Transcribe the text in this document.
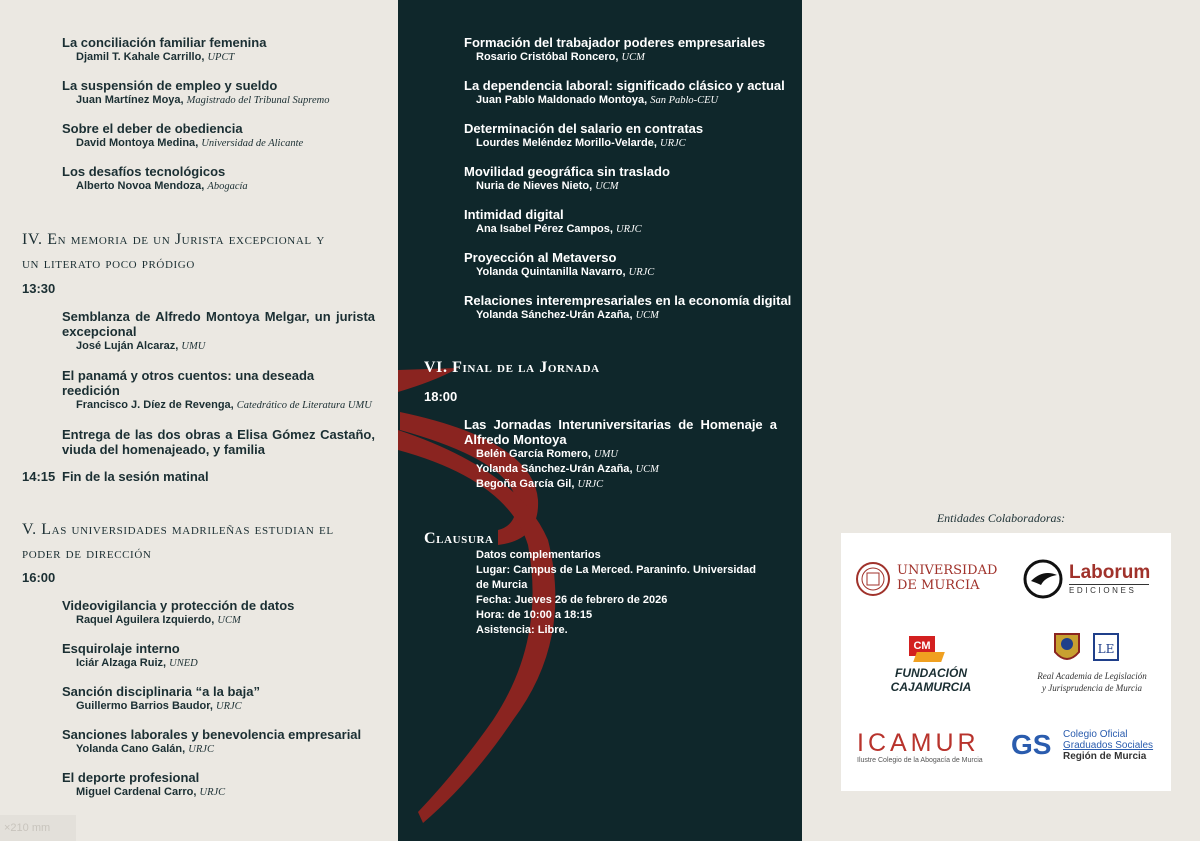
La conciliación familiar femenina
Djamil T. Kahale Carrillo, UPCT
La suspensión de empleo y sueldo
Juan Martínez Moya, Magistrado del Tribunal Supremo
Sobre el deber de obediencia
David Montoya Medina, Universidad de Alicante
Los desafíos tecnológicos
Alberto Novoa Mendoza, Abogacía
IV. En memoria de un Jurista excepcional y
un literato poco pródigo
13:30
Semblanza de Alfredo Montoya Melgar, un jurista excepcional
José Luján Alcaraz, UMU
El panamá y otros cuentos: una deseada reedición
Francisco J. Díez de Revenga, Catedrático de Literatura UMU
Entrega de las dos obras a Elisa Gómez Castaño, viuda del homenajeado, y familia
14:15 Fin de la sesión matinal
V. Las universidades madrileñas estudian el
poder de dirección
16:00
Videovigilancia y protección de datos
Raquel Aguilera Izquierdo, UCM
Esquirolaje interno
Iciár Alzaga Ruiz, UNED
Sanción disciplinaria “a la baja”
Guillermo Barrios Baudor, URJC
Sanciones laborales y benevolencia empresarial
Yolanda Cano Galán, URJC
El deporte profesional
Miguel Cardenal Carro, URJC
×210 mm
Formación del trabajador poderes empresariales
Rosario Cristóbal Roncero, UCM
La dependencia laboral: significado clásico y actual
Juan Pablo Maldonado Montoya, San Pablo-CEU
Determinación del salario en contratas
Lourdes Meléndez Morillo-Velarde, URJC
Movilidad geográfica sin traslado
Nuria de Nieves Nieto, UCM
Intimidad digital
Ana Isabel Pérez Campos, URJC
Proyección al Metaverso
Yolanda Quintanilla Navarro, URJC
Relaciones interempresariales en la economía digital
Yolanda Sánchez-Urán Azaña, UCM
VI. Final de la Jornada
18:00
Las Jornadas Interuniversitarias de Homenaje a Alfredo Montoya
Belén García Romero, UMU
Yolanda Sánchez-Urán Azaña, UCM
Begoña García Gil, URJC
Clausura
Datos complementarios
Lugar: Campus de La Merced. Paraninfo. Universidad
de Murcia
Fecha: Jueves 26 de febrero de 2026
Hora: de 10:00 a 18:15
Asistencia: Libre.
Entidades Colaboradoras:
UNIVERSIDAD
DE MURCIA
Laborum
EDICIONES
CM
FUNDACIÓN
CAJAMURCIA
LE
Real Academia de Legislación
y Jurisprudencia de Murcia
ICAMUR
Ilustre Colegio de la Abogacía de Murcia
GS Colegio Oficial
Graduados Sociales
Región de Murcia
